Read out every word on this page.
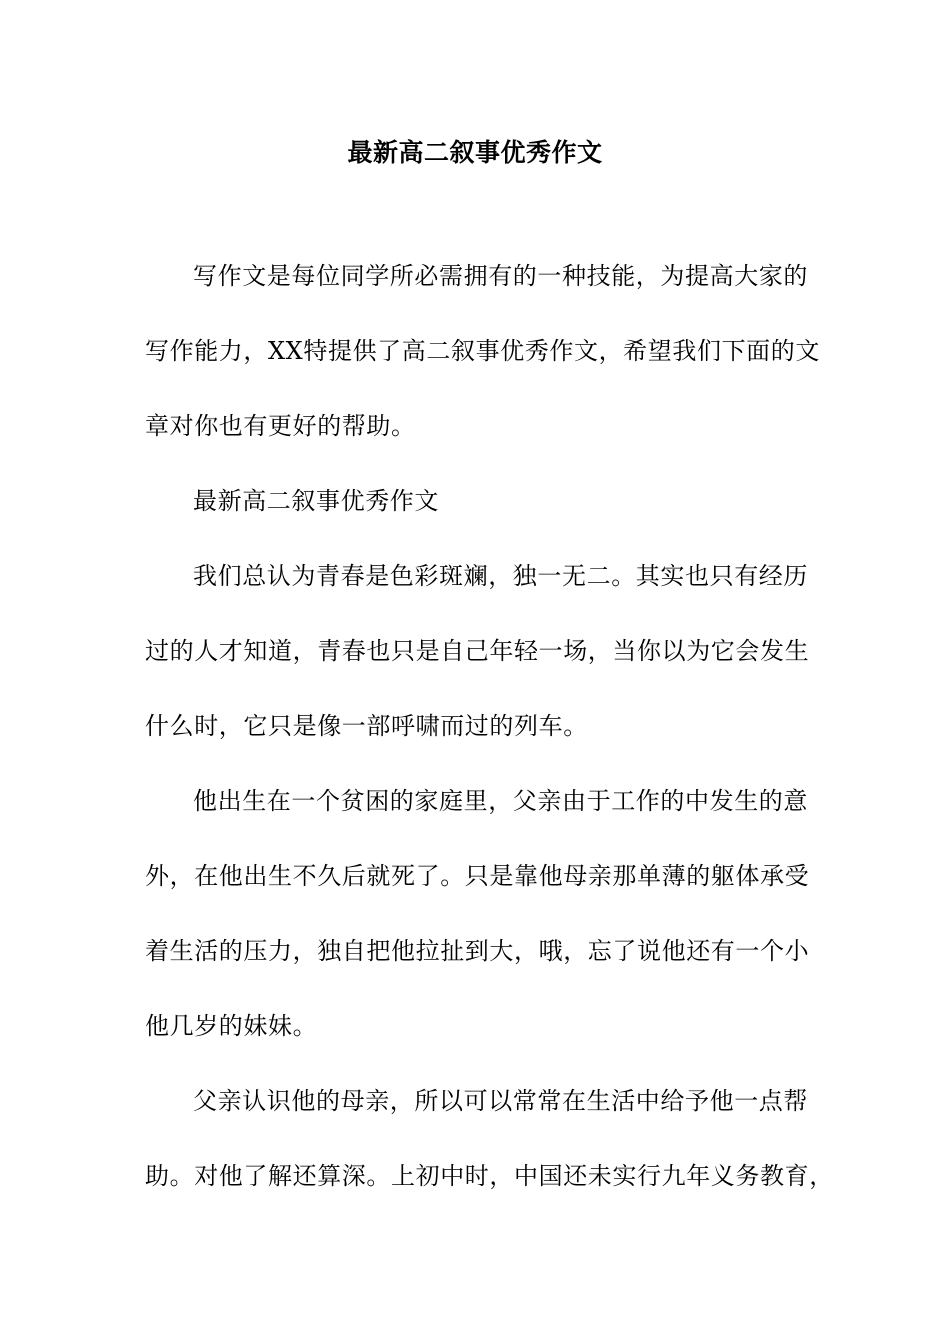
最新高二叙事优秀作文

写作文是每位同学所必需拥有的一种技能，为提高大家的
写作能力，XX特提供了高二叙事优秀作文，希望我们下面的文
章对你也有更好的帮助。

最新高二叙事优秀作文

我们总认为青春是色彩斑斓，独一无二。其实也只有经历
过的人才知道，青春也只是自己年轻一场，当你以为它会发生
什么时，它只是像一部呼啸而过的列车。

他出生在一个贫困的家庭里，父亲由于工作的中发生的意
外，在他出生不久后就死了。只是靠他母亲那单薄的躯体承受
着生活的压力，独自把他拉扯到大，哦，忘了说他还有一个小
他几岁的妹妹。

父亲认识他的母亲，所以可以常常在生活中给予他一点帮
助。对他了解还算深。上初中时，中国还未实行九年义务教育，
